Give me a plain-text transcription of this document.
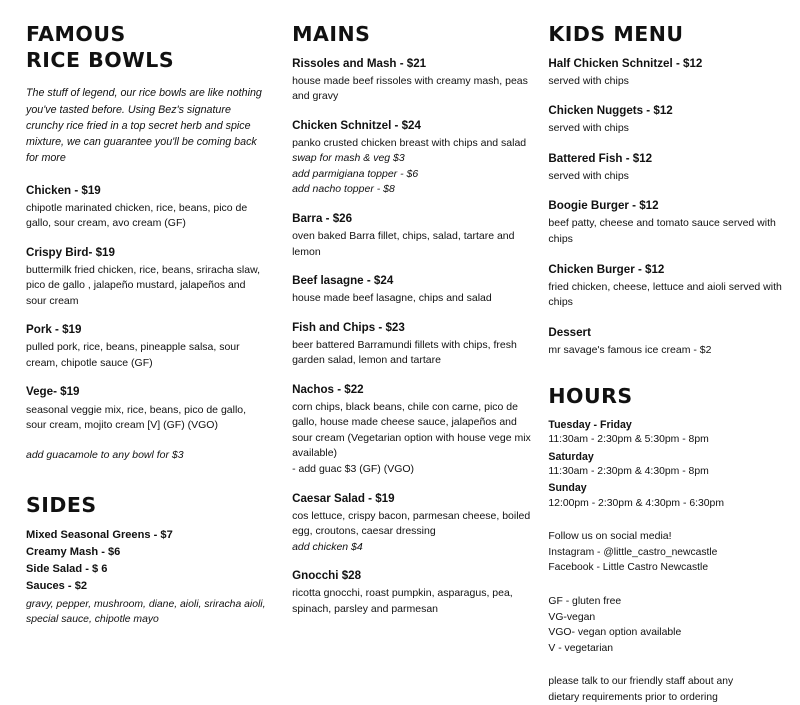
FAMOUS
RICE BOWLS

The stuff of legend, our rice bowls are like nothing you've tasted before. Using Bez's signature crunchy rice fried in a top secret herb and spice mixture, we can guarantee you'll be coming back for more

Chicken - $19

chipotle marinated chicken, rice, beans, pico de gallo, sour cream, avo cream (GF)

Crispy Bird- $19

buttermilk fried chicken, rice, beans, sriracha slaw, pico de gallo , jalapeño mustard, jalapeños and sour cream

Pork - $19

pulled pork, rice, beans, pineapple salsa, sour cream, chipotle sauce (GF)

Vege- $19

seasonal veggie mix, rice, beans, pico de gallo, sour cream, mojito cream [V] (GF) (VGO)

add guacamole to any bowl for $3

SIDES

Mixed Seasonal Greens - $7

Creamy Mash - $6

Side Salad - $ 6

Sauces - $2

gravy, pepper, mushroom, diane, aioli, sriracha aioli, special sauce, chipotle mayo

MAINS

Rissoles and Mash - $21

house made beef rissoles with creamy mash, peas and gravy

Chicken Schnitzel - $24

panko crusted chicken breast with chips and salad

swap for mash & veg $3

add parmigiana topper - $6

add nacho topper - $8

Barra - $26

oven baked Barra fillet, chips, salad, tartare and lemon

Beef lasagne - $24

house made beef lasagne, chips and salad

Fish and Chips - $23

beer battered Barramundi fillets with chips, fresh garden salad, lemon and tartare

Nachos - $22

corn chips, black beans, chile con carne, pico de gallo, house made cheese sauce, jalapeños and sour cream (Vegetarian option with house vege mix available)

- add guac $3 (GF) (VGO)

Caesar Salad - $19

cos lettuce, crispy bacon, parmesan cheese, boiled egg, croutons, caesar dressing

add chicken $4

Gnocchi $28

ricotta gnocchi, roast pumpkin, asparagus, pea, spinach, parsley and parmesan

KIDS MENU

Half Chicken Schnitzel - $12

served with chips

Chicken Nuggets - $12

served with chips

Battered Fish - $12

served with chips

Boogie Burger - $12

beef patty, cheese and tomato sauce served with chips

Chicken Burger - $12

fried chicken, cheese, lettuce and aioli served with chips

Dessert

mr savage's famous ice cream - $2

HOURS

Tuesday - Friday

11:30am - 2:30pm & 5:30pm - 8pm

Saturday

11:30am - 2:30pm & 4:30pm - 8pm

Sunday

12:00pm - 2:30pm & 4:30pm - 6:30pm

Follow us on social media!

Instagram - @little_castro_newcastle

Facebook - Little Castro Newcastle

GF - gluten free

VG-vegan

VGO- vegan option available

V - vegetarian

please talk to our friendly staff about any dietary requirements prior to ordering
